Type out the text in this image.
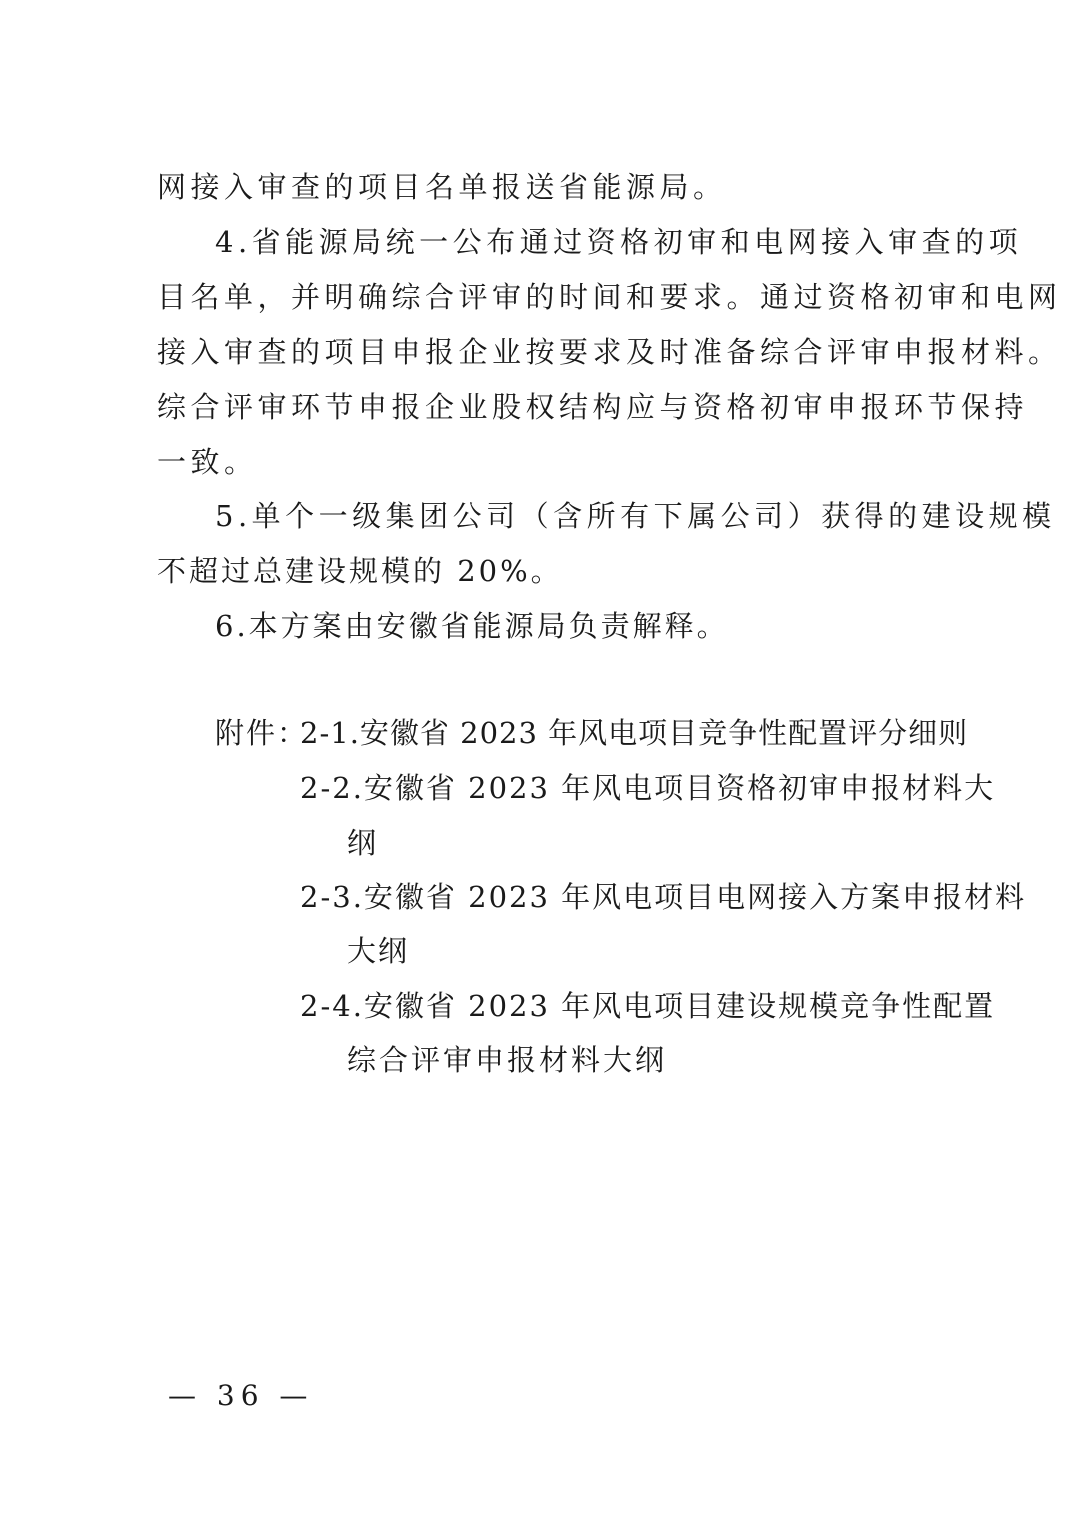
网接入审查的项目名单报送省能源局。
4.省能源局统一公布通过资格初审和电网接入审查的项
目名单，并明确综合评审的时间和要求。通过资格初审和电网
接入审查的项目申报企业按要求及时准备综合评审申报材料。
综合评审环节申报企业股权结构应与资格初审申报环节保持
一致。
5.单个一级集团公司（含所有下属公司）获得的建设规模
不超过总建设规模的 20%。
6.本方案由安徽省能源局负责解释。
附件：
2-1.安徽省 2023 年风电项目竞争性配置评分细则
2-2.安徽省 2023 年风电项目资格初审申报材料大
纲
2-3.安徽省 2023 年风电项目电网接入方案申报材料
大纲
2-4.安徽省 2023 年风电项目建设规模竞争性配置
综合评审申报材料大纲
— 36 —
